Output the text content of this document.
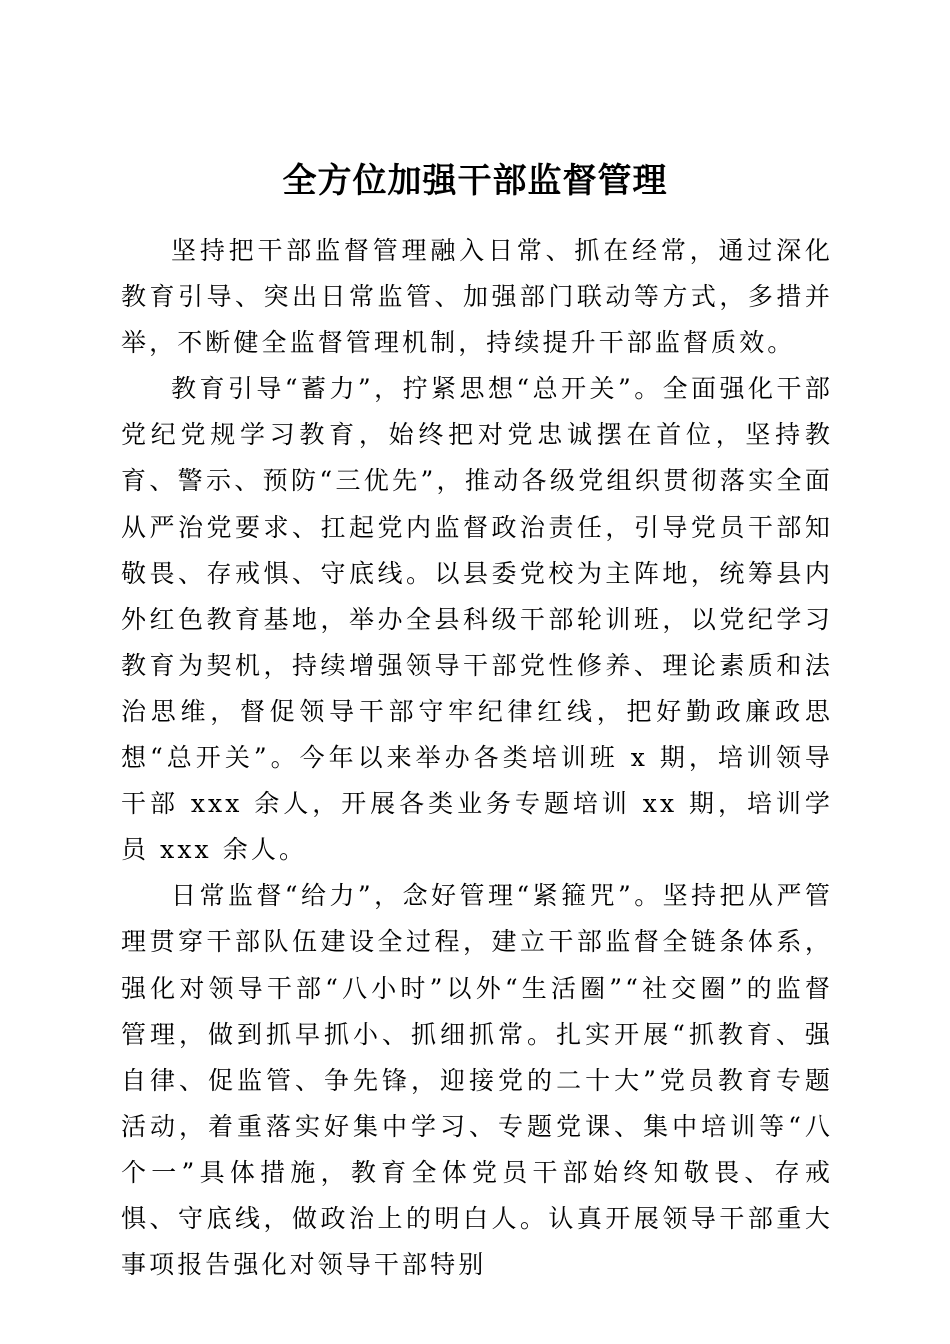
全方位加强干部监督管理

坚持把干部监督管理融入日常、抓在经常，通过深化教育引导、突出日常监管、加强部门联动等方式，多措并举，不断健全监督管理机制，持续提升干部监督质效。

教育引导“蓄力”，拧紧思想“总开关”。全面强化干部党纪党规学习教育，始终把对党忠诚摆在首位，坚持教育、警示、预防“三优先”，推动各级党组织贯彻落实全面从严治党要求、扛起党内监督政治责任，引导党员干部知敬畏、存戒惧、守底线。以县委党校为主阵地，统筹县内外红色教育基地，举办全县科级干部轮训班，以党纪学习教育为契机，持续增强领导干部党性修养、理论素质和法治思维，督促领导干部守牢纪律红线，把好勤政廉政思想“总开关”。今年以来举办各类培训班 x 期，培训领导干部 xxx 余人，开展各类业务专题培训 xx 期，培训学员 xxx 余人。

日常监督“给力”，念好管理“紧箍咒”。坚持把从严管理贯穿干部队伍建设全过程，建立干部监督全链条体系，强化对领导干部“八小时”以外“生活圈”“社交圈”的监督管理，做到抓早抓小、抓细抓常。扎实开展“抓教育、强自律、促监管、争先锋，迎接党的二十大”党员教育专题活动，着重落实好集中学习、专题党课、集中培训等“八个一”具体措施，教育全体党员干部始终知敬畏、存戒惧、守底线，做政治上的明白人。认真开展领导干部重大事项报告强化对领导干部特别
